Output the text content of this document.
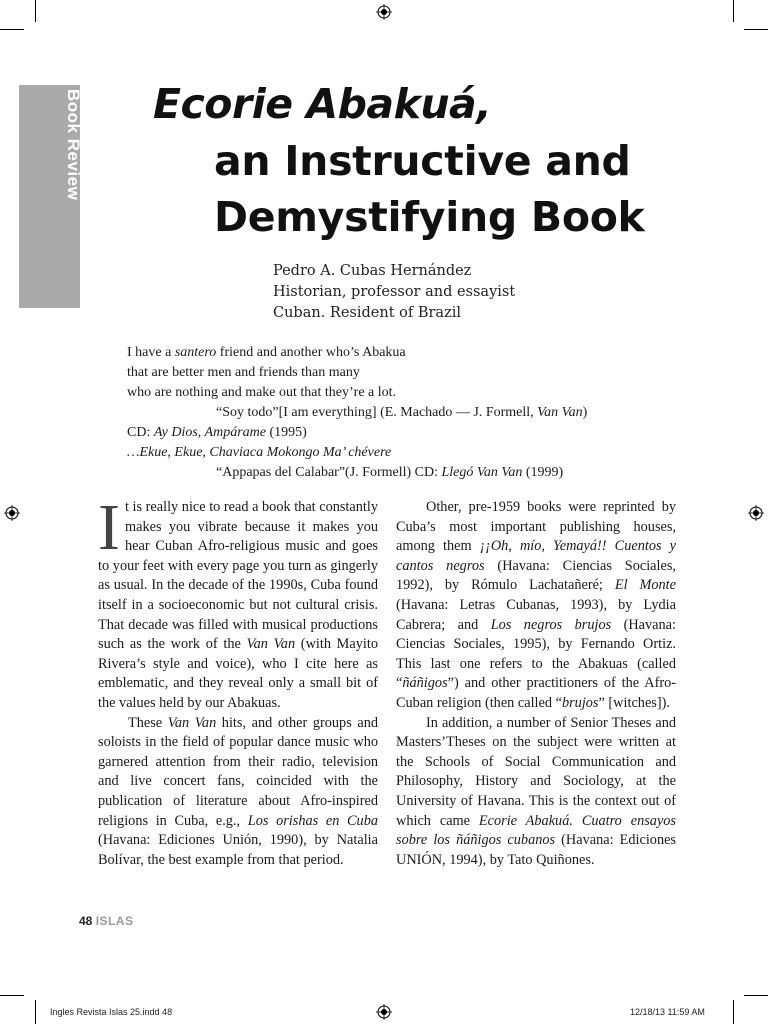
Book Review Ecorie Abakuá,
an Instructive and
Demystifying Book
Pedro A. Cubas Hernández
Historian, professor and essayist
Cuban. Resident of Brazil
I have a santero friend and another who’s Abakua
that are better men and friends than many
who are nothing and make out that they’re a lot.
“Soy todo”[I am everything] (E. Machado — J. Formell, Van Van)
CD: Ay Dios, Ampárame (1995)
…Ekue, Ekue, Chaviaca Mokongo Ma’ chévere
“Appapas del Calabar”(J. Formell) CD: Llegó Van Van (1999)

It is really nice to read a book that constantly makes you vibrate because it makes you hear Cuban Afro-religious music and goes to your feet with every page you turn as gingerly as usual. In the decade of the 1990s, Cuba found itself in a socioeconomic but not cultural crisis. That decade was filled with musical productions such as the work of the Van Van (with Mayito Rivera’s style and voice), who I cite here as emblematic, and they reveal only a small bit of the values held by our Abakuas.

These Van Van hits, and other groups and soloists in the field of popular dance music who garnered attention from their radio, television and live concert fans, coincided with the publication of literature about Afro-inspired religions in Cuba, e.g., Los orishas en Cuba (Havana: Ediciones Unión, 1990), by Natalia Bolívar, the best example from that period.

Other, pre-1959 books were reprinted by Cuba’s most important publishing houses, among them ¡¡Oh, mío, Yemayá!! Cuentos y cantos negros (Havana: Ciencias Sociales, 1992), by Rómulo Lachatañeré; El Monte (Havana: Letras Cubanas, 1993), by Lydia Cabrera; and Los negros brujos (Havana: Ciencias Sociales, 1995), by Fernando Ortiz. This last one refers to the Abakuas (called “ñáñigos”) and other practitioners of the Afro-Cuban religion (then called “brujos” [witches]).

In addition, a number of Senior Theses and Masters’Theses on the subject were written at the Schools of Social Communication and Philosophy, History and Sociology, at the University of Havana. This is the context out of which came Ecorie Abakuá. Cuatro ensayos sobre los ñáñigos cubanos (Havana: Ediciones UNIÓN, 1994), by Tato Quiñones.

48 ISLAS
Ingles Revista Islas 25.indd 48	12/18/13 11:59 AM
